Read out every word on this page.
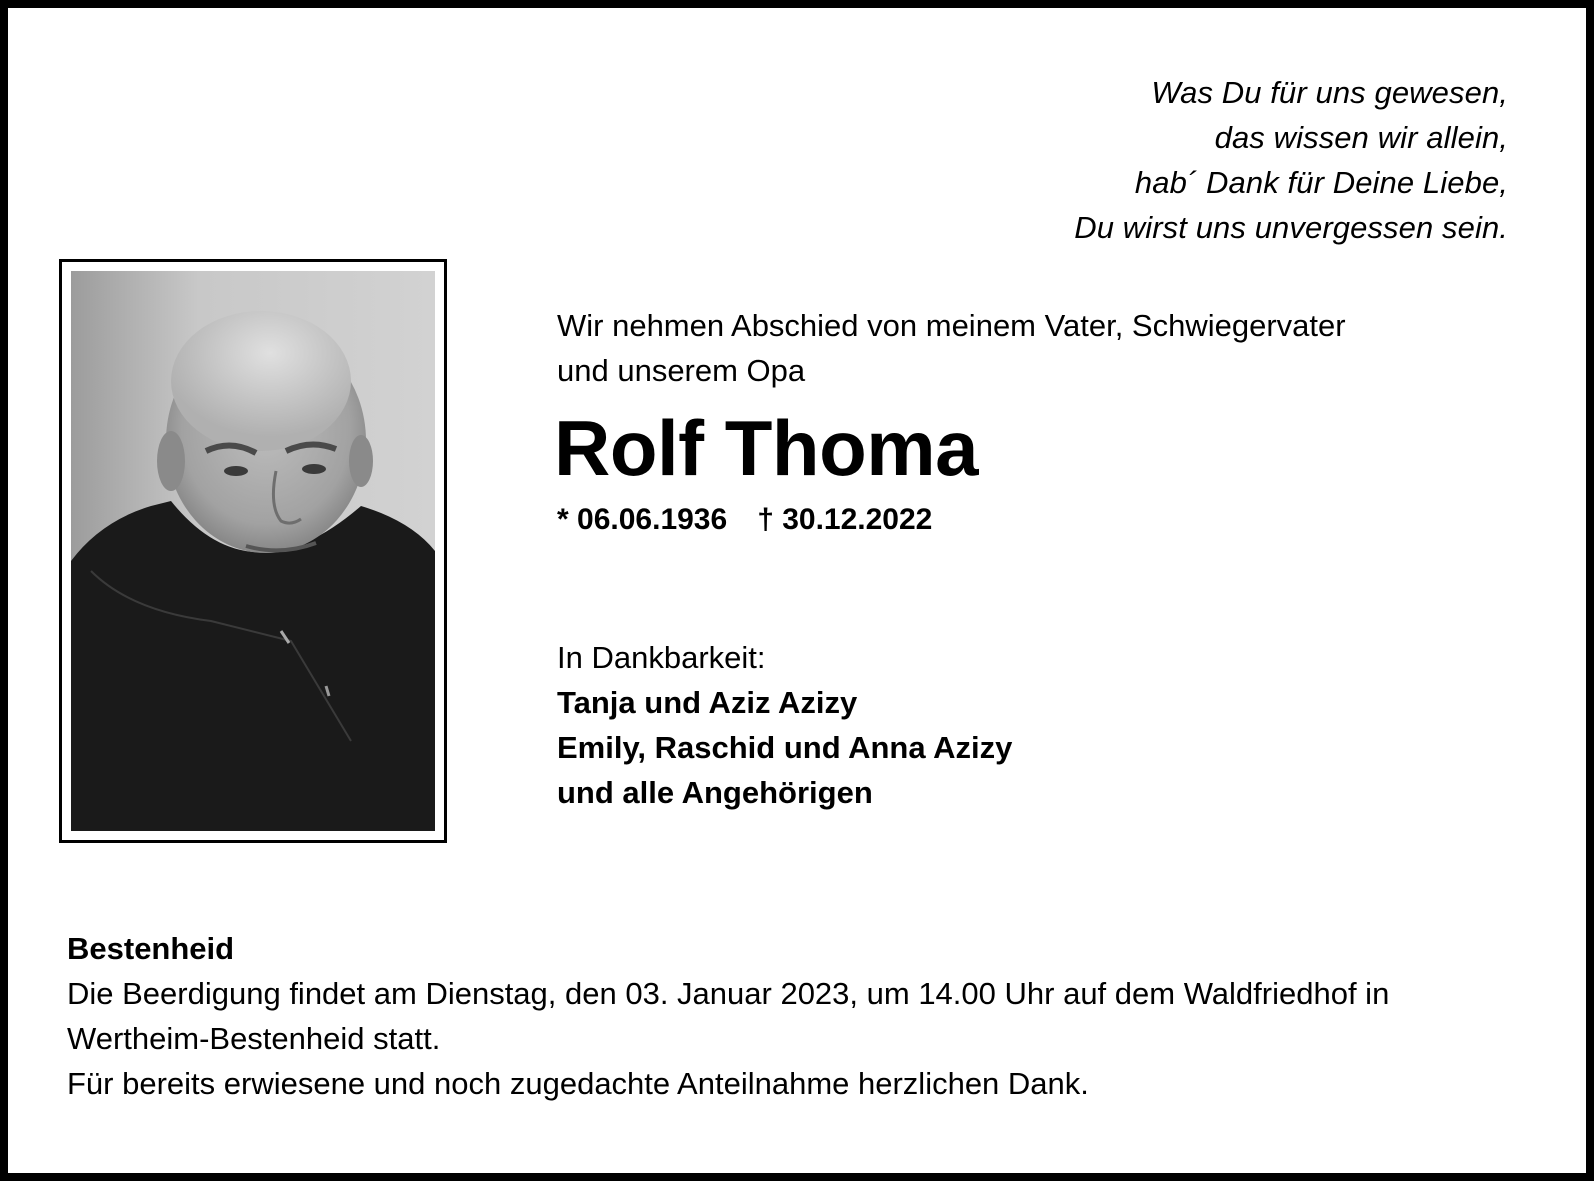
Was Du für uns gewesen,
das wissen wir allein,
hab´ Dank für Deine Liebe,
Du wirst uns unvergessen sein.
Wir nehmen Abschied von meinem Vater, Schwiegervater
und unserem Opa
Rolf Thoma
* 06.06.1936 † 30.12.2022
In Dankbarkeit:
Tanja und Aziz Azizy
Emily, Raschid und Anna Azizy
und alle Angehörigen
Bestenheid
Die Beerdigung findet am Dienstag, den 03. Januar 2023, um 14.00 Uhr auf dem Waldfriedhof in
Wertheim-Bestenheid statt.
Für bereits erwiesene und noch zugedachte Anteilnahme herzlichen Dank.
